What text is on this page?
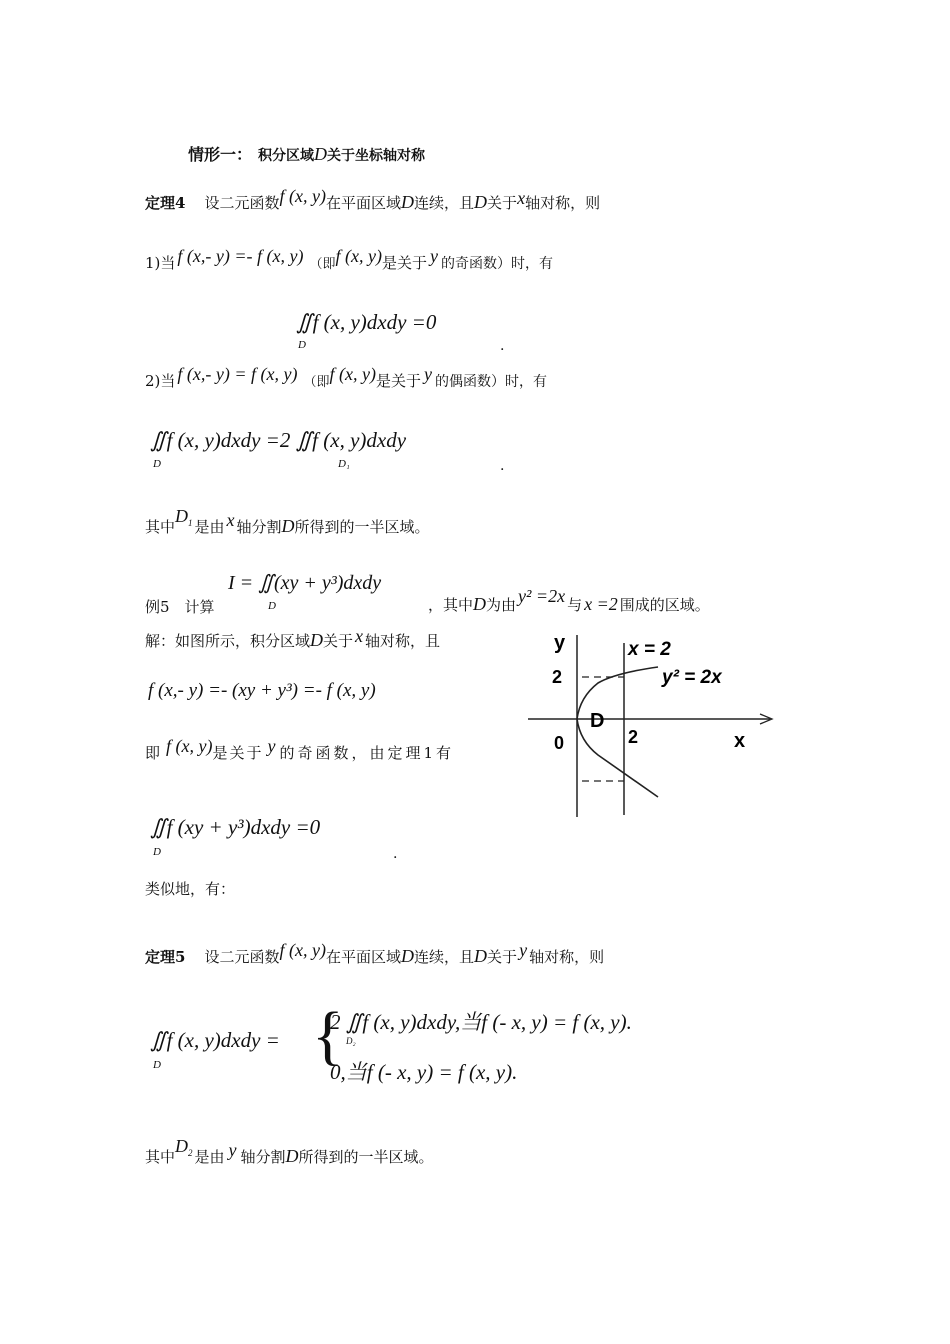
情形一： 积分区域D关于坐标轴对称
定理4 设二元函数f (x, y)在平面区域D连续，且D关于x轴对称，则
1)当 f (x,- y) =- f (x, y) （即f (x, y)是关于 y 的奇函数）时，有
∬f (x, y)dxdy =0
D	.
2)当 f (x,- y) = f (x, y) （即f (x, y)是关于 y 的偶函数）时，有
∬f (x, y)dxdy =2 ∬f (x, y)dxdy
D	D₁	.
其中$D^1$ 是由 x 轴分割D所得到的一半区域。
I = ∬(xy + y³)dxdy
D
例5　计算	，其中D为由 y² =2x 与 x =2 围成的区域。
解：如图所示，积分区域D关于 x 轴对称，且
f (x,- y) =- (xy + y³) =- f (x, y)
即 f (x, y)是关于 y 的奇函数，由定理1有
∬f (xy + y³)dxdy =0
D	.
类似地，有：
y
2
0
D
2	x
x = 2
y² = 2x
定理5 设二元函数f (x, y)在平面区域D连续，且D关于 y 轴对称，则
∬f (x, y)dxdy =
D {
2 ∬f (x, y)dxdy,当f (- x, y) = f (x, y).
D₂
0,当f (- x, y) = f (x, y).
其中$D^2$ 是由 y 轴分割D所得到的一半区域。
